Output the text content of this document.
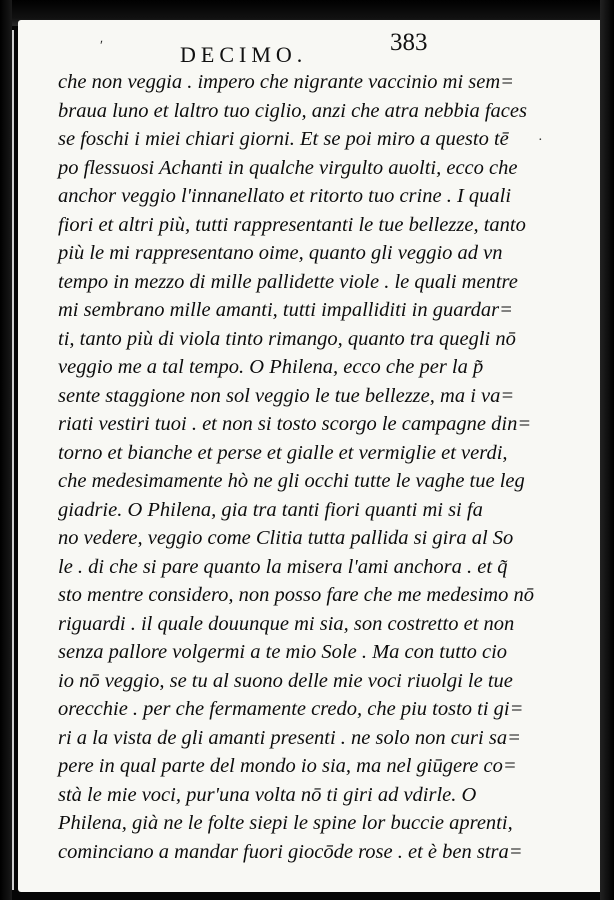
DECIMO.	383
ʹ
·
che non veggia . impero che nigrante vaccinio mi sem=
braua luno et laltro tuo ciglio, anzi che atra nebbia faces
se foschi i miei chiari giorni. Et se poi miro a questo tē
po flessuosi Achanti in qualche virgulto auolti, ecco che
anchor veggio l'innanellato et ritorto tuo crine . I quali
fiori et altri più, tutti rappresentanti le tue bellezze, tanto
più le mi rappresentano oime, quanto gli veggio ad vn
tempo in mezzo di mille pallidette viole . le quali mentre
mi sembrano mille amanti, tutti impalliditi in guardar=
ti, tanto più di viola tinto rimango, quanto tra quegli nō
veggio me a tal tempo. O Philena, ecco che per la p̃
sente staggione non sol veggio le tue bellezze, ma i va=
riati vestiri tuoi . et non si tosto scorgo le campagne din=
torno et bianche et perse et gialle et vermiglie et verdi,
che medesimamente hò ne gli occhi tutte le vaghe tue leg
giadrie. O Philena, gia tra tanti fiori quanti mi si fa
no vedere, veggio come Clitia tutta pallida si gira al So
le . di che si pare quanto la misera l'ami anchora . et q̃
sto mentre considero, non posso fare che me medesimo nō
riguardi . il quale douunque mi sia, son costretto et non
senza pallore volgermi a te mio Sole . Ma con tutto cio
io nō veggio, se tu al suono delle mie voci riuolgi le tue
orecchie . per che fermamente credo, che piu tosto ti gi=
ri a la vista de gli amanti presenti . ne solo non curi sa=
pere in qual parte del mondo io sia, ma nel giūgere co=
stà le mie voci, pur'una volta nō ti giri ad vdirle. O
Philena, già ne le folte siepi le spine lor buccie aprenti,
cominciano a mandar fuori giocōde rose . et è ben stra=
